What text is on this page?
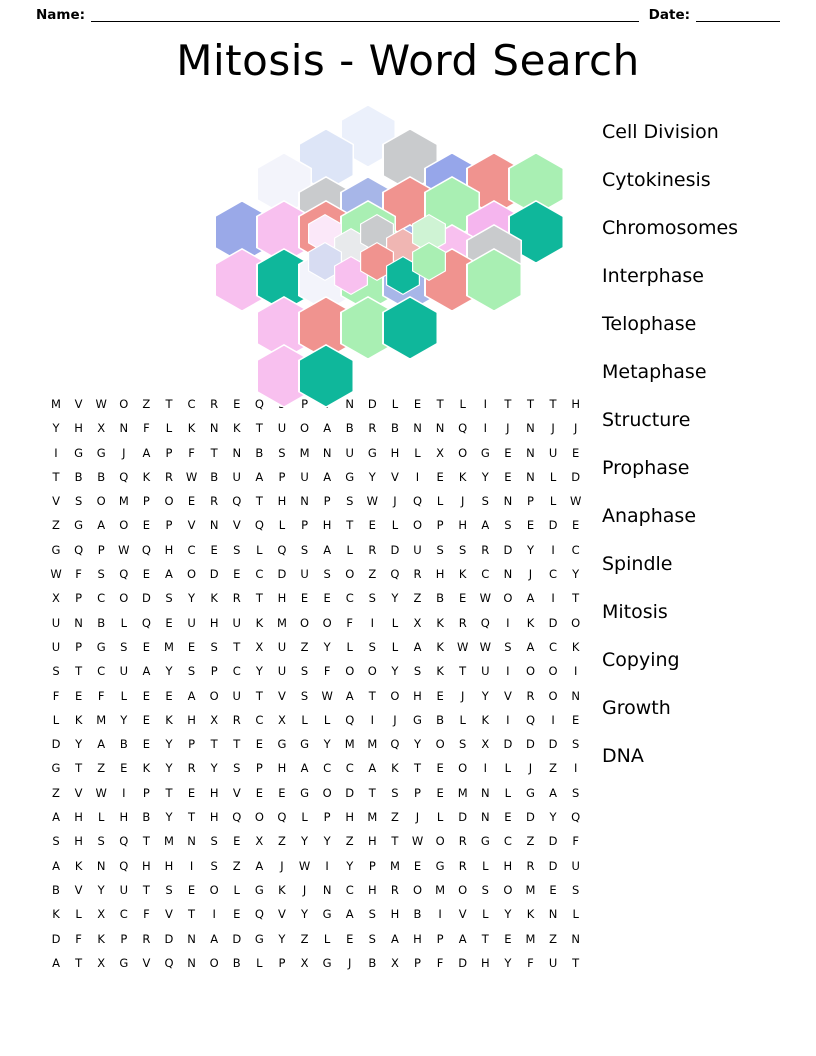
Name:	Date:
Mitosis - Word Search
M	V	W	O	Z	T	C	R	E	Q	P	N	D	L	E	T	L	I	T	T	T	H
Y	H	X	N	F	L	K	N	K	T	U	O	A	B	R	B	N	N	Q	I	J	N	J	J
I	G	G	J	A	P	F	T	N	B	S	M	N	U	G	H	L	X	O	G	E	N	U	E
T	B	B	Q	K	R	W	B	U	A	P	U	A	G	Y	V	I	E	K	Y	E	N	L	D
V	S	O	M	P	O	E	R	Q	T	H	N	P	S	W	J	Q	L	J	S	N	P	L	W
Z	G	A	O	E	P	V	N	V	Q	L	P	H	T	E	L	O	P	H	A	S	E	D	E
G	Q	P	W	Q	H	C	E	S	L	Q	S	A	L	R	D	U	S	S	R	D	Y	I	C
W	F	S	Q	E	A	O	D	E	C	D	U	S	O	Z	Q	R	H	K	C	N	J	C	Y
X	P	C	O	D	S	Y	K	R	T	H	E	E	C	S	Y	Z	B	E	W	O	A	I	T
U	N	B	L	Q	E	U	H	U	K	M	O	O	F	I	L	X	K	R	Q	I	K	D	O
U	P	G	S	E	M	E	S	T	X	U	Z	Y	L	S	L	A	K	W W	S	A	C	K
S	T	C	U	A	Y	S	P	C	Y	U	S	F	O	O	Y	S	K	T	U	I	O	O	I
F	E	F	L	E	E	A	O	U	T	V	S	W	A	T	O	H	E	J	Y	V	R	O	N
L	K	M	Y	E	K	H	X	R	C	X	L	L	Q	I	J	G	B	L	K	I	Q	I	E
D	Y	A	B	E	Y	P	T	T	E	G	G	Y	M M	Q	Y	O	S	X	D	D	D	S
G	T	Z	E	K	Y	R	Y	S	P	H	A	C	C	A	K	T	E	O	I	L	J	Z	I
Z	V	W	I	P	T	E	H	V	E	E	G	O	D	T	S	P	E	M	N	L	G	A	S
A	H	L	H	B	Y	T	H	Q	O	Q	L	P	H	M	Z	J	L	D	N	E	D	Y	Q
S	H	S	Q	T	M	N	S	E	X	Z	Y	Y	Z	H	T	W	O	R	G	C	Z	D	F
A	K	N	Q	H	H	I	S	Z	A	J	W	I	Y	P	M	E	G	R	L	H	R	D	U
B	V	Y	U	T	S	E	O	L	G	K	J	N	C	H	R	O	M	O	S	O	M	E	S
K	L	X	C	F	V	T	I	E	Q	V	Y	G	A	S	H	B	I	V	L	Y	K	N	L
D	F	K	P	R	D	N	A	D	G	Y	Z	L	E	S	A	H	P	A	T	E	M	Z	N
A	T	X	G	V	Q	N	O	B	L	P	X	G	J	B	X	P	F	D	H	Y	F	U	T
Cell Division
Cytokinesis
Chromosomes
Interphase
Telophase
Metaphase
Structure
Prophase
Anaphase
Spindle
Mitosis
Copying
Growth
DNA
